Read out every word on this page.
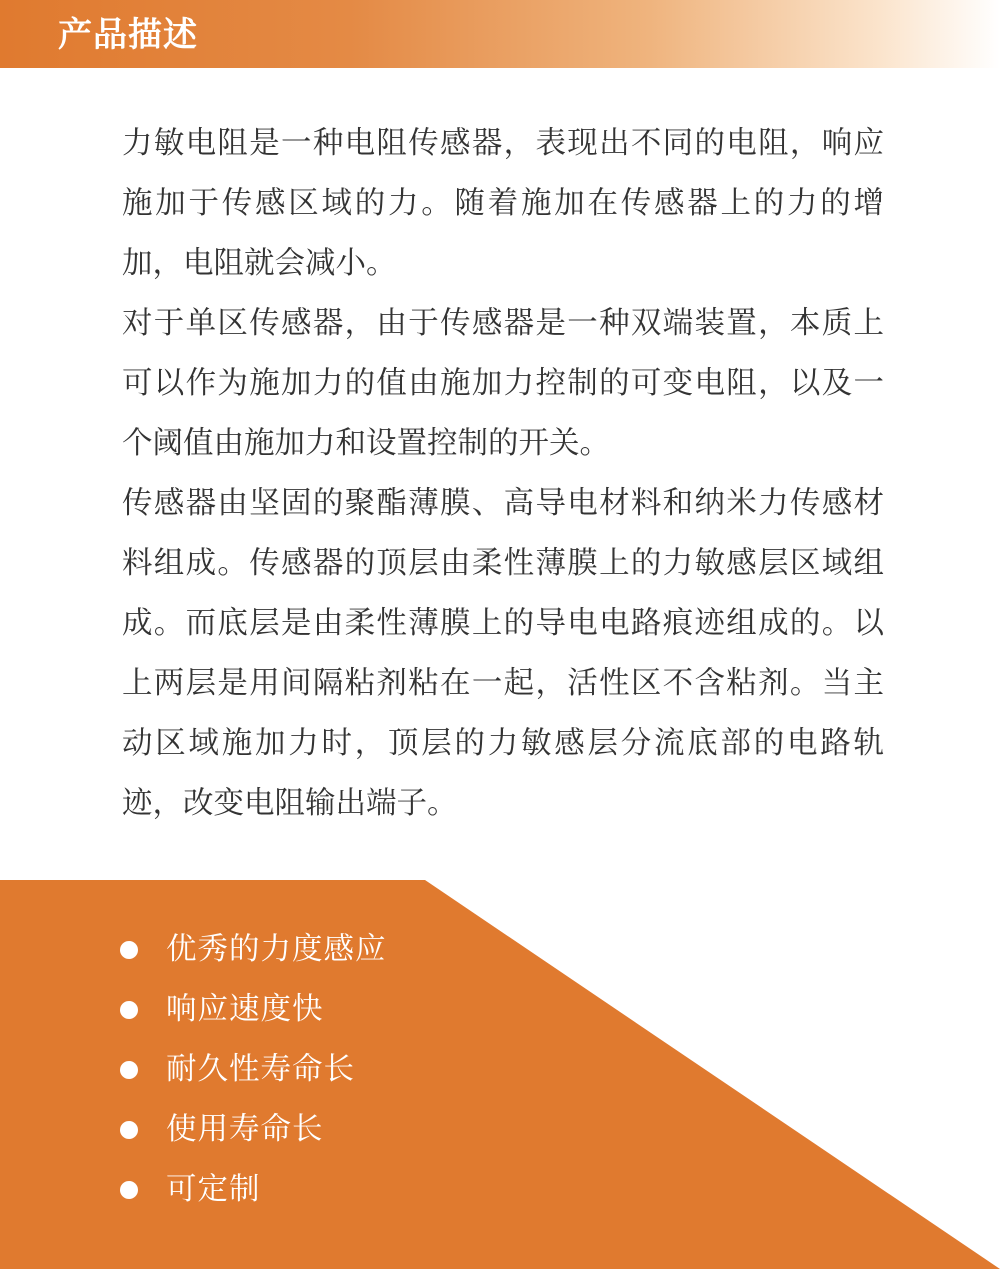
产品描述

力敏电阻是一种电阻传感器，表现出不同的电阻，响应施加于传感区域的力。随着施加在传感器上的力的增加，电阻就会减小。

对于单区传感器，由于传感器是一种双端装置，本质上可以作为施加力的值由施加力控制的可变电阻，以及一个阈值由施加力和设置控制的开关。

传感器由坚固的聚酯薄膜、高导电材料和纳米力传感材料组成。传感器的顶层由柔性薄膜上的力敏感层区域组成。而底层是由柔性薄膜上的导电电路痕迹组成的。以上两层是用间隔粘剂粘在一起，活性区不含粘剂。当主动区域施加力时，顶层的力敏感层分流底部的电路轨迹，改变电阻输出端子。

优秀的力度感应
响应速度快
耐久性寿命长
使用寿命长
可定制
